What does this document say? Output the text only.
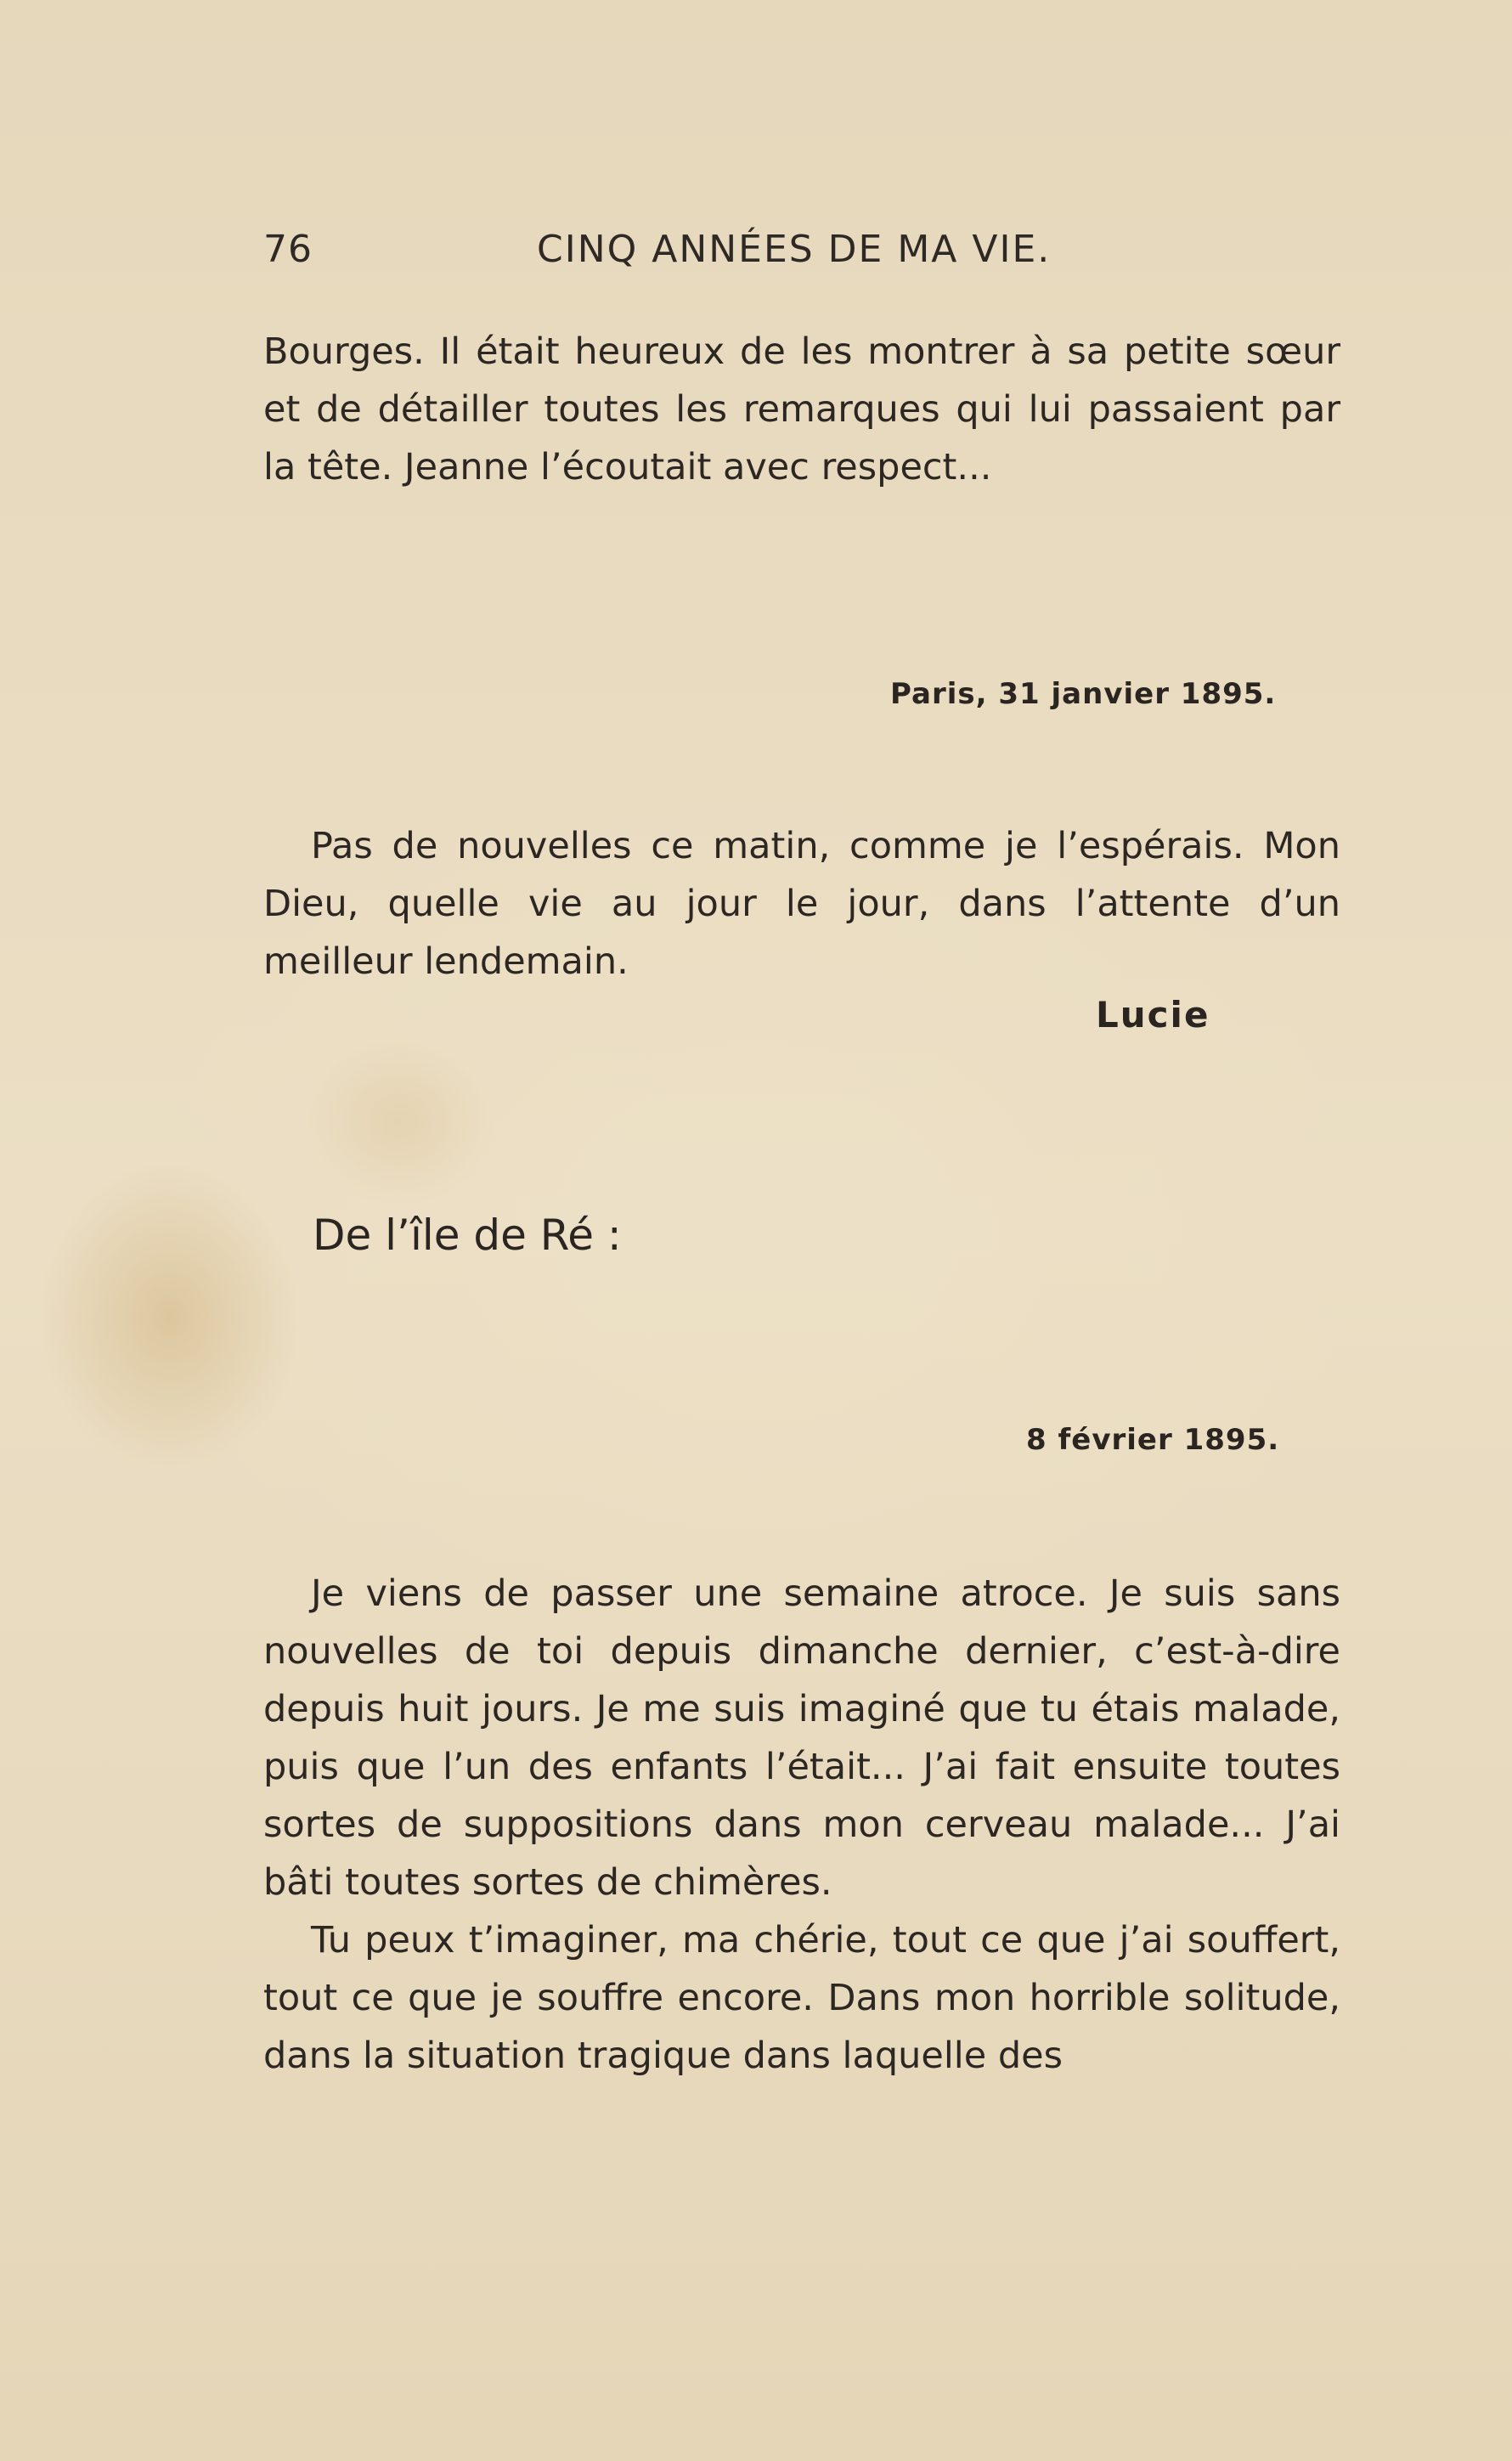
76	CINQ ANNÉES DE MA VIE.

Bourges. Il était heureux de les montrer à sa petite sœur et de détailler toutes les remarques qui lui passaient par la tête. Jeanne l’écoutait avec respect...

Paris, 31 janvier 1895.

Pas de nouvelles ce matin, comme je l’espérais. Mon Dieu, quelle vie au jour le jour, dans l’attente d’un meilleur lendemain.

Lucie
De l’île de Ré :
8 février 1895.

Je viens de passer une semaine atroce. Je suis sans nouvelles de toi depuis dimanche dernier, c’est-à-dire depuis huit jours. Je me suis imaginé que tu étais malade, puis que l’un des enfants l’était... J’ai fait ensuite toutes sortes de suppositions dans mon cerveau malade... J’ai bâti toutes sortes de chimères.

Tu peux t’imaginer, ma chérie, tout ce que j’ai souffert, tout ce que je souffre encore. Dans mon horrible solitude, dans la situation tragique dans laquelle des
